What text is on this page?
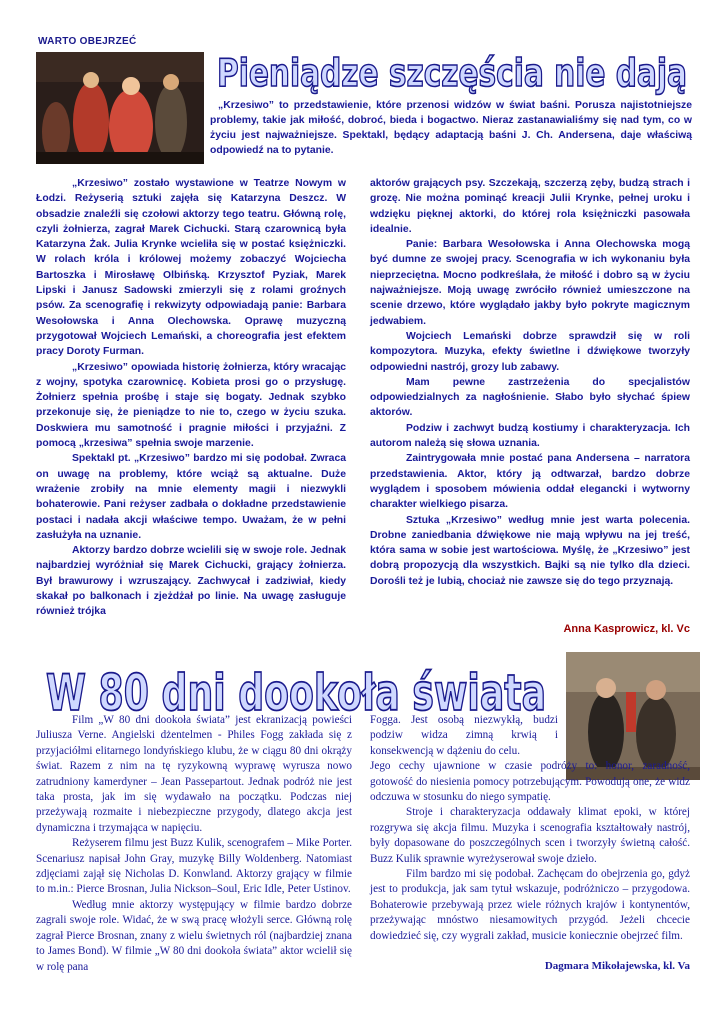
WARTO OBEJRZEĆ
Pieniądze szczęścia nie dają

„Krzesiwo” to przedstawienie, które przenosi widzów w świat baśni. Porusza najistotniejsze problemy, takie jak miłość, dobroć, bieda i bogactwo. Nieraz zastanawialiśmy się nad tym, co w życiu jest najważniejsze. Spektakl, będący adaptacją baśni J. Ch. Andersena, daje właściwą odpowiedź na to pytanie.

„Krzesiwo” zostało wystawione w Teatrze Nowym w Łodzi. Reżyserią sztuki zajęła się Katarzyna Deszcz. W obsadzie znaleźli się czołowi aktorzy tego teatru. Główną rolę, czyli żołnierza, zagrał Marek Cichucki. Starą czarownicą była Katarzyna Żak. Julia Krynke wcieliła się w postać księżniczki. W rolach króla i królowej możemy zobaczyć Wojciecha Bartoszka i Mirosławę Olbińską. Krzysztof Pyziak, Marek Lipski i Janusz Sadowski zmierzyli się z rolami groźnych psów. Za scenografię i rekwizyty odpowiadają panie: Barbara Wesołowska i Anna Olechowska. Oprawę muzyczną przygotował Wojciech Lemański, a choreografia jest efektem pracy Doroty Furman.

„Krzesiwo” opowiada historię żołnierza, który wracając z wojny, spotyka czarownicę. Kobieta prosi go o przysługę. Żołnierz spełnia prośbę i staje się bogaty. Jednak szybko przekonuje się, że pieniądze to nie to, czego w życiu szuka. Doskwiera mu samotność i pragnie miłości i przyjaźni. Z pomocą „krzesiwa” spełnia swoje marzenie.

Spektakl pt. „Krzesiwo” bardzo mi się podobał. Zwraca on uwagę na problemy, które wciąż są aktualne. Duże wrażenie zrobiły na mnie elementy magii i niezwykli bohaterowie. Pani reżyser zadbała o dokładne przedstawienie postaci i nadała akcji właściwe tempo. Uważam, że w pełni zasłużyła na uznanie.

Aktorzy bardzo dobrze wcielili się w swoje role. Jednak najbardziej wyróżniał się Marek Cichucki, grający żołnierza. Był brawurowy i wzruszający. Zachwycał i zadziwiał, kiedy skakał po balkonach i zjeżdżał po linie. Na uwagę zasługuje również trójka

aktorów grających psy. Szczekają, szczerzą zęby, budzą strach i grozę. Nie można pominąć kreacji Julii Krynke, pełnej uroku i wdzięku pięknej aktorki, do której rola księżniczki pasowała idealnie.

Panie: Barbara Wesołowska i Anna Olechowska mogą być dumne ze swojej pracy. Scenografia w ich wykonaniu była nieprzeciętna. Mocno podkreślała, że miłość i dobro są w życiu najważniejsze. Moją uwagę zwróciło również umieszczone na scenie drzewo, które wyglądało jakby było pokryte magicznym jedwabiem.

Wojciech Lemański dobrze sprawdził się w roli kompozytora. Muzyka, efekty świetlne i dźwiękowe tworzyły odpowiedni nastrój, grozy lub zabawy.

Mam pewne zastrzeżenia do specjalistów odpowiedzialnych za nagłośnienie. Słabo było słychać śpiew aktorów.

Podziw i zachwyt budzą kostiumy i charakteryzacja. Ich autorom należą się słowa uznania.

Zaintrygowała mnie postać pana Andersena – narratora przedstawienia. Aktor, który ją odtwarzał, bardzo dobrze wyglądem i sposobem mówienia oddał elegancki i wytworny charakter wielkiego pisarza.

Sztuka „Krzesiwo” według mnie jest warta polecenia. Drobne zaniedbania dźwiękowe nie mają wpływu na jej treść, która sama w sobie jest wartościowa. Myślę, że „Krzesiwo” jest dobrą propozycją dla wszystkich. Bajki są nie tylko dla dzieci. Dorośli też je lubią, chociaż nie zawsze się do tego przyznają.

Anna Kasprowicz, kl. Vc
W 80 dni dookoła świata

Film „W 80 dni dookoła świata” jest ekranizacją powieści Juliusza Verne. Angielski dżentelmen - Philes Fogg zakłada się z przyjaciółmi elitarnego londyńskiego klubu, że w ciągu 80 dni okrąży świat. Razem z nim na tę ryzykowną wyprawę wyrusza nowo zatrudniony kamerdyner – Jean Passepartout. Jednak podróż nie jest taka prosta, jak im się wydawało na początku. Podczas niej przeżywają rozmaite i niebezpieczne przygody, dlatego akcja jest dynamiczna i trzymająca w napięciu.

Reżyserem filmu jest Buzz Kulik, scenografem – Mike Porter. Scenariusz napisał John Gray, muzykę Billy Woldenberg. Natomiast zdjęciami zajął się Nicholas D. Konwland. Aktorzy grający w filmie to m.in.: Pierce Brosnan, Julia Nickson–Soul, Eric Idle, Peter Ustinov.

Według mnie aktorzy występujący w filmie bardzo dobrze zagrali swoje role. Widać, że w swą pracę włożyli serce. Główną rolę zagrał Pierce Brosnan, znany z wielu świetnych ról (najbardziej znana to James Bond). W filmie „W 80 dni dookoła świata” aktor wcielił się w rolę pana

Fogga. Jest osobą niezwykłą, budzi podziw widza zimną krwią i konsekwencją w dążeniu do celu.

Jego cechy ujawnione w czasie podróży to: honor, zaradność, gotowość do niesienia pomocy potrzebującym. Powodują one, że widz odczuwa w stosunku do niego sympatię.

Stroje i charakteryzacja oddawały klimat epoki, w której rozgrywa się akcja filmu. Muzyka i scenografia kształtowały nastrój, były dopasowane do poszczególnych scen i tworzyły świetną całość. Buzz Kulik sprawnie wyreżyserował swoje dzieło.

Film bardzo mi się podobał. Zachęcam do obejrzenia go, gdyż jest to produkcja, jak sam tytuł wskazuje, podróżniczo – przygodowa. Bohaterowie przebywają przez wiele różnych krajów i kontynentów, przeżywając mnóstwo niesamowitych przygód. Jeżeli chcecie dowiedzieć się, czy wygrali zakład, musicie koniecznie obejrzeć film.

Dagmara Mikołajewska, kl. Va
